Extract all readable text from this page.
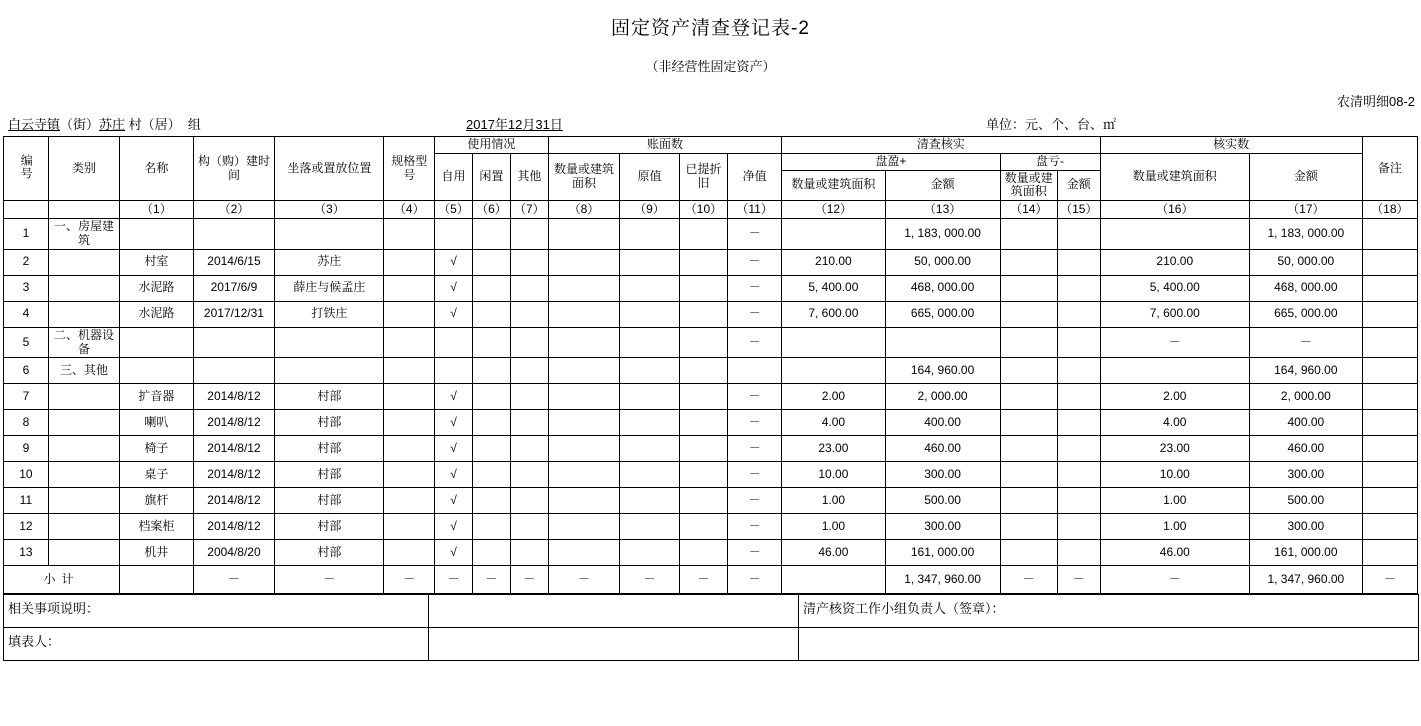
固定资产清查登记表-2
（非经营性固定资产）
农清明细08-2
白云寺镇（街）苏庄 村（居） 组	2017年12月31日	单位：元、个、台、㎡
编号	类别	名称	构（购）建时间	坐落或置放位置	规格型号	使用情况			账面数				清查核实				核实数		备注
						自用	闲置	其他	数量或建筑面积	原值	已提折旧	净值	盘盈+		盘亏-		数量或建筑面积	金额	
													数量或建筑面积	金额	数量或建筑面积	金额			

		（1）	（2）	（3）	（4）	（5）	（6）	（7）	（8）	（9）	（10）	（11）	（12）	（13）	（14）	（15）	（16）	（17）	（18）
1	一、房屋建筑											－		1, 183, 000.00				1, 183, 000.00	
2		村室	2014/6/15	苏庄		√						－	210.00	50, 000.00			210.00	50, 000.00	
3		水泥路	2017/6/9	薛庄与候孟庄		√						－	5, 400.00	468, 000.00			5, 400.00	468, 000.00	
4		水泥路	2017/12/31	打铁庄		√						－	7, 600.00	665, 000.00			7, 600.00	665, 000.00	
5	二、机器设备											－					－	－	
6	三、其他													164, 960.00				164, 960.00	
7		扩音器	2014/8/12	村部		√						－	2.00	2, 000.00			2.00	2, 000.00	
8		喇叭	2014/8/12	村部		√						－	4.00	400.00			4.00	400.00	
9		椅子	2014/8/12	村部		√						－	23.00	460.00			23.00	460.00	
10		桌子	2014/8/12	村部		√						－	10.00	300.00			10.00	300.00	
11		旗杆	2014/8/12	村部		√						－	1.00	500.00			1.00	500.00	
12		档案柜	2014/8/12	村部		√						－	1.00	300.00			1.00	300.00	
13		机井	2004/8/20	村部		√						－	46.00	161, 000.00			46.00	161, 000.00	
小计			－	－	－	－	－	－	－	－	－	－		1, 347, 960.00	－	－	－	1, 347, 960.00	－
相关事项说明：		清产核资工作小组负责人（签章）：
填表人：		
